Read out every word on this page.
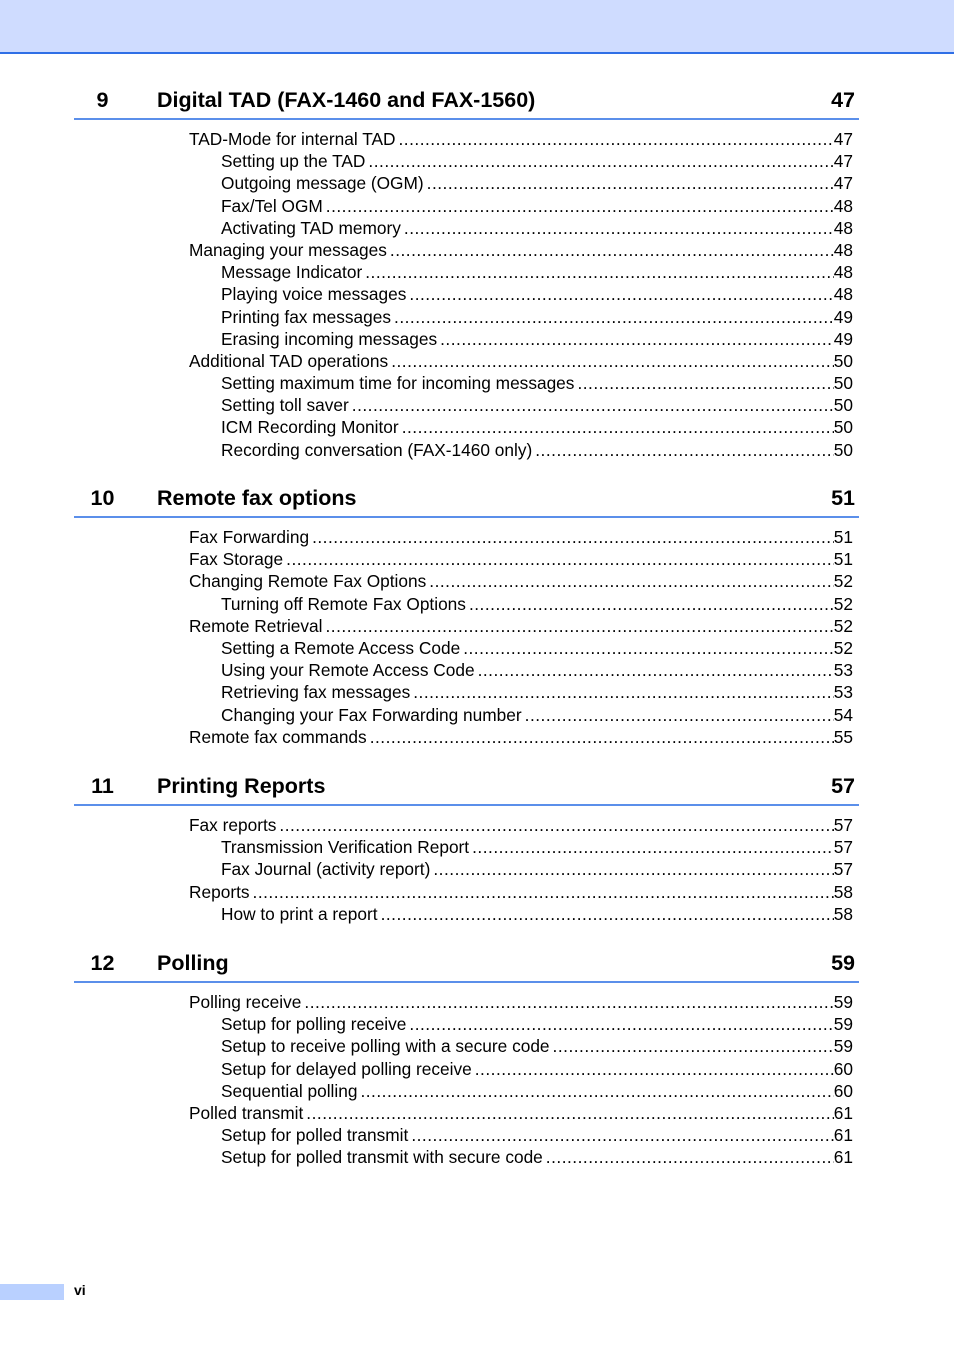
9	Digital TAD (FAX-1460 and FAX-1560)	47
TAD-Mode for internal TAD .....	47
Setting up the TAD .....	47
Outgoing message (OGM) .....	47
Fax/Tel OGM .....	48
Activating TAD memory .....	48
Managing your messages .....	48
Message Indicator .....	48
Playing voice messages .....	48
Printing fax messages .....	49
Erasing incoming messages .....	49
Additional TAD operations .....	50
Setting maximum time for incoming messages .....	50
Setting toll saver .....	50
ICM Recording Monitor .....	50
Recording conversation (FAX-1460 only) .....	50
10	Remote fax options	51
Fax Forwarding .....	51
Fax Storage .....	51
Changing Remote Fax Options .....	52
Turning off Remote Fax Options .....	52
Remote Retrieval .....	52
Setting a Remote Access Code .....	52
Using your Remote Access Code .....	53
Retrieving fax messages .....	53
Changing your Fax Forwarding number .....	54
Remote fax commands .....	55
11	Printing Reports	57
Fax reports .....	57
Transmission Verification Report .....	57
Fax Journal (activity report) .....	57
Reports .....	58
How to print a report .....	58
12	Polling	59
Polling receive .....	59
Setup for polling receive .....	59
Setup to receive polling with a secure code .....	59
Setup for delayed polling receive .....	60
Sequential polling .....	60
Polled transmit .....	61
Setup for polled transmit .....	61
Setup for polled transmit with secure code .....	61
vi
